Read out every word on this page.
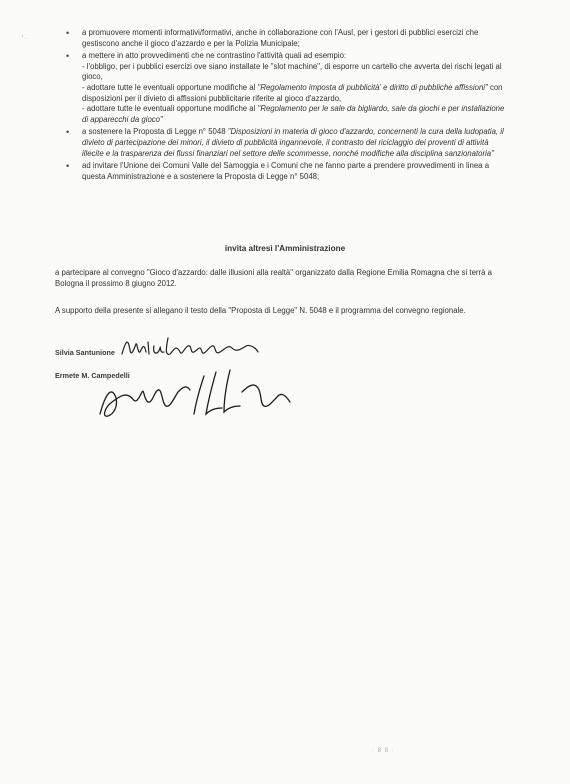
' ·
• a promuovere momenti informativi/formativi, anche in collaborazione con l'Ausl, per i gestori di pubblici esercizi che gestiscono anche il gioco d'azzardo e per la Polizia Municipale;
• a mettere in atto provvedimenti che ne contrastino l'attività quali ad esempio:
- l'obbligo, per i pubblici esercizi ove siano installate le "slot machine", di esporre un cartello che avverta dei rischi legati al gioco,
- adottare tutte le eventuali opportune modifiche al "Regolamento imposta di pubblicità' e diritto di pubbliche affissioni" con disposizioni per il divieto di affissioni pubblicitarie riferite al gioco d'azzardo,
- adottare tutte le eventuali opportune modifiche al "Regolamento per le sale da bigliardo, sale da giochi e per installazione di apparecchi da gioco"
• a sostenere la Proposta di Legge n° 5048 "Disposizioni in materia di gioco d'azzardo, concernenti la cura della ludopatia, il divieto di partecipazione dei minori, il divieto di pubblicità ingannevole, il contrasto del riciclaggio dei proventi di attività illecite e la trasparenza dei flussi finanziari nel settore delle scommesse, nonché modifiche alla disciplina sanzionatoria"
• ad invitare l'Unione dei Comuni Valle del Samoggia e i Comuni che ne fanno parte a prendere provvedimenti in linea a questa Amministrazione e a sostenere la Proposta di Legge n° 5048;
invita altresì l'Amministrazione

a partecipare al convegno "Gioco d'azzardo: dalle illusioni alla realtà" organizzato dalla Regione Emilia Romagna che si terrà a Bologna il prossimo 8 giugno 2012.

A supporto della presente si allegano il testo della "Proposta di Legge" N. 5048 e il programma del convegno regionale.

Silvia Santunione
Ermete M. Campedelli
· 8 8 ·
